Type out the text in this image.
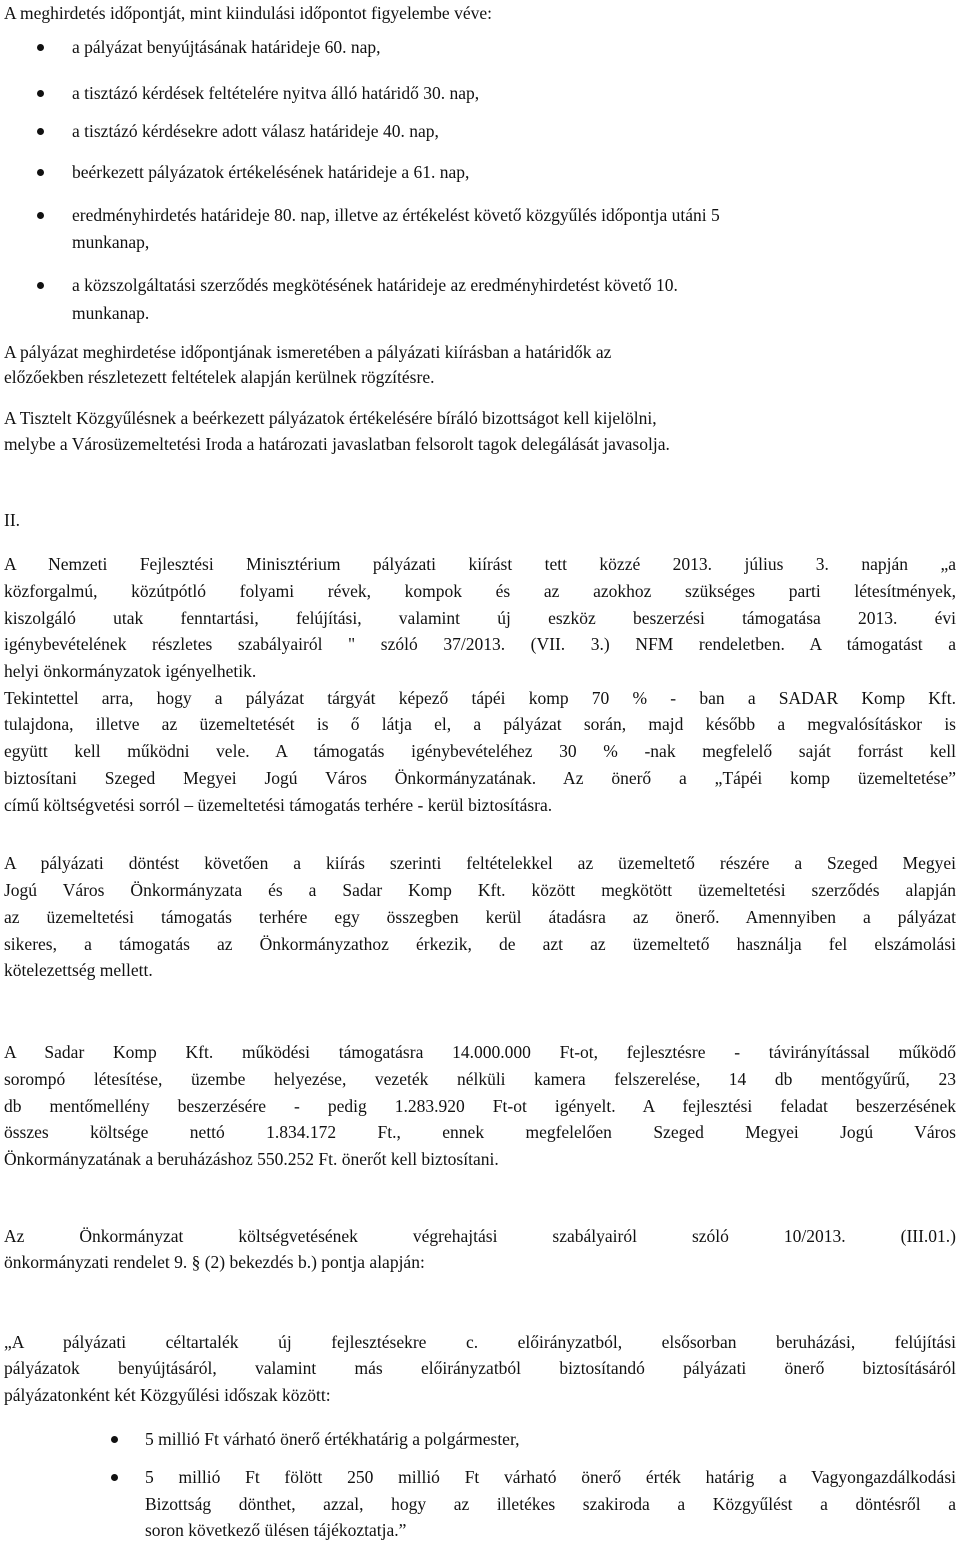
A meghirdetés időpontját, mint kiindulási időpontot figyelembe véve:

a pályázat benyújtásának határideje 60. nap,

a tisztázó kérdések feltételére nyitva álló határidő 30. nap,

a tisztázó kérdésekre adott válasz határideje 40. nap,

beérkezett pályázatok értékelésének határideje a 61. nap,

eredményhirdetés határideje 80. nap, illetve az értékelést követő közgyűlés időpontja utáni 5

munkanap,

a közszolgáltatási szerződés megkötésének határideje az eredményhirdetést követő 10.

munkanap.

A pályázat meghirdetése időpontjának ismeretében a pályázati kiírásban a határidők az

előzőekben részletezett feltételek alapján kerülnek rögzítésre.

A Tisztelt Közgyűlésnek a beérkezett pályázatok értékelésére bíráló bizottságot kell kijelölni,

melybe a Városüzemeltetési Iroda a határozati javaslatban felsorolt tagok delegálását javasolja.

II.

A Nemzeti Fejlesztési Minisztérium pályázati kiírást tett közzé 2013. július 3. napján „a

közforgalmú, közútpótló folyami révek, kompok és az azokhoz szükséges parti létesítmények,

kiszolgáló utak fenntartási, felújítási, valamint új eszköz beszerzési támogatása 2013. évi

igénybevételének részletes szabályairól " szóló 37/2013. (VII. 3.) NFM rendeletben. A támogatást a

helyi önkormányzatok igényelhetik.

Tekintettel arra, hogy a pályázat tárgyát képező tápéi komp 70 % - ban a SADAR Komp Kft.

tulajdona, illetve az üzemeltetését is ő látja el, a pályázat során, majd később a megvalósításkor is

együtt kell működni vele. A támogatás igénybevételéhez 30 % -nak megfelelő saját forrást kell

biztosítani Szeged Megyei Jogú Város Önkormányzatának. Az önerő a „Tápéi komp üzemeltetése”

című költségvetési sorról – üzemeltetési támogatás terhére - kerül biztosításra.

A pályázati döntést követően a kiírás szerinti feltételekkel az üzemeltető részére a Szeged Megyei

Jogú Város Önkormányzata és a Sadar Komp Kft. között megkötött üzemeltetési szerződés alapján

az üzemeltetési támogatás terhére egy összegben kerül átadásra az önerő. Amennyiben a pályázat

sikeres, a támogatás az Önkormányzathoz érkezik, de azt az üzemeltető használja fel elszámolási

kötelezettség mellett.

A Sadar Komp Kft. működési támogatásra 14.000.000 Ft-ot, fejlesztésre - távirányítással működő

sorompó létesítése, üzembe helyezése, vezeték nélküli kamera felszerelése, 14 db mentőgyűrű, 23

db mentőmellény beszerzésére - pedig 1.283.920 Ft-ot igényelt. A fejlesztési feladat beszerzésének

összes költsége nettó 1.834.172 Ft., ennek megfelelően Szeged Megyei Jogú Város

Önkormányzatának a beruházáshoz 550.252 Ft. önerőt kell biztosítani.

Az Önkormányzat költségvetésének végrehajtási szabályairól szóló 10/2013. (III.01.)

önkormányzati rendelet 9. § (2) bekezdés b.) pontja alapján:

„A pályázati céltartalék új fejlesztésekre c. előirányzatból, elsősorban beruházási, felújítási

pályázatok benyújtásáról, valamint más előirányzatból biztosítandó pályázati önerő biztosításáról

pályázatonként két Közgyűlési időszak között:

5 millió Ft várható önerő értékhatárig a polgármester,

5 millió Ft fölött 250 millió Ft várható önerő érték határig a Vagyongazdálkodási

Bizottság dönthet, azzal, hogy az illetékes szakiroda a Közgyűlést a döntésről a

soron következő ülésen tájékoztatja.”
